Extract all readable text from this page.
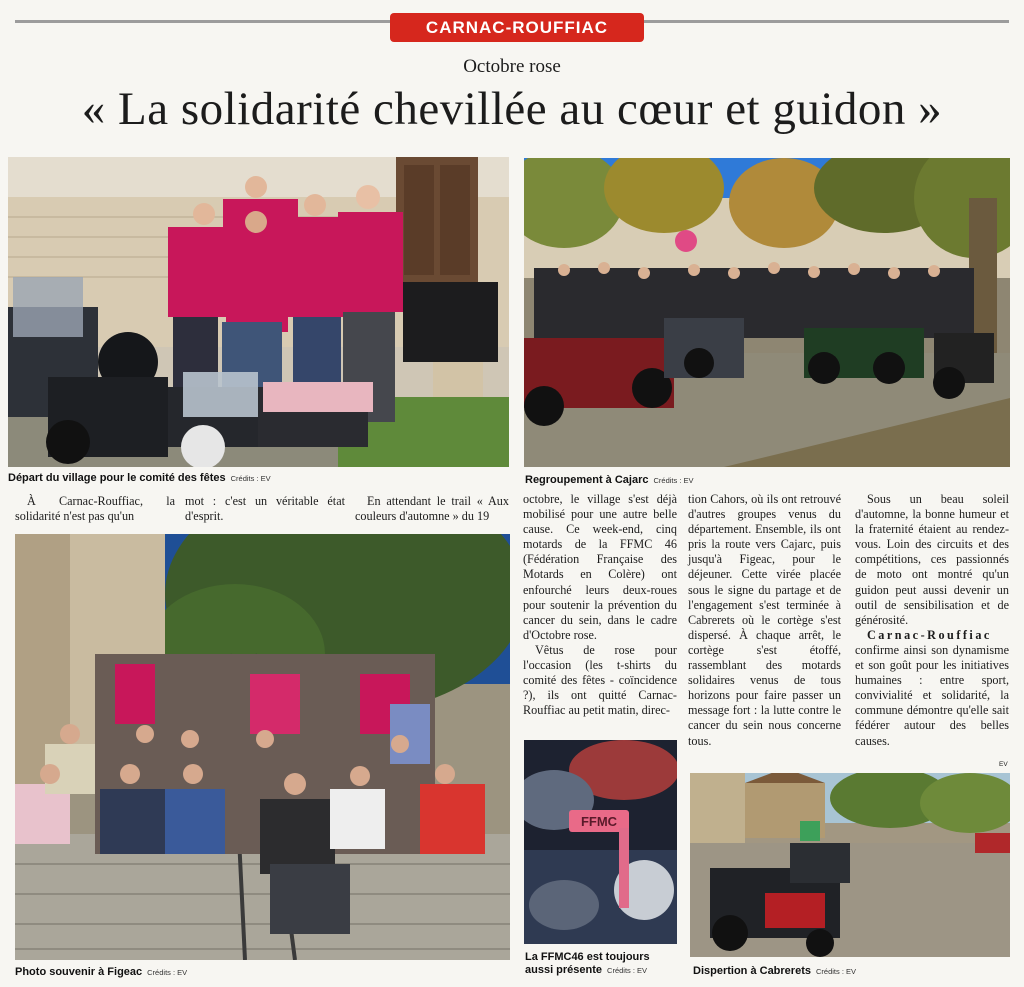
CARNAC-ROUFFIAC
Octobre rose
« La solidarité chevillée au cœur et guidon »
Départ du village pour le comité des fêtes Crédits : EV	Regroupement à Cajarc Crédits : EV
Photo souvenir à Figeac Crédits : EV
FFMC
La FFMC46 est toujours
aussi présente Crédits : EV	Dispertion à Cabrerets Crédits : EV

À Carnac-Rouffiac, la solidarité n'est pas qu'un

mot : c'est un véritable état d'esprit.

En attendant le trail « Aux couleurs d'automne » du 19

octobre, le village s'est déjà mobilisé pour une autre belle cause. Ce week-end, cinq motards de la FFMC 46 (Fédération Française des Motards en Colère) ont enfourché leurs deux-roues pour soutenir la prévention du cancer du sein, dans le cadre d'Octobre rose.

Vêtus de rose pour l'occasion (les t-shirts du comité des fêtes - coïncidence ?), ils ont quitté Carnac-Rouffiac au petit matin, direc-

tion Cahors, où ils ont retrouvé d'autres groupes venus du département. Ensemble, ils ont pris la route vers Cajarc, puis jusqu'à Figeac, pour le déjeuner. Cette virée placée sous le signe du partage et de l'engagement s'est terminée à Cabrerets où le cortège s'est dispersé. À chaque arrêt, le cortège s'est étoffé, rassemblant des motards solidaires venus de tous horizons pour faire passer un message fort : la lutte contre le cancer du sein nous concerne tous.

Sous un beau soleil d'automne, la bonne humeur et la fraternité étaient au rendez-vous. Loin des circuits et des compétitions, ces passionnés de moto ont montré qu'un guidon peut aussi devenir un outil de sensibilisation et de générosité.

Carnac-Rouffiac confirme ainsi son dynamisme et son goût pour les initiatives humaines : entre sport, convivialité et solidarité, la commune démontre qu'elle sait fédérer autour des belles causes.

EV
